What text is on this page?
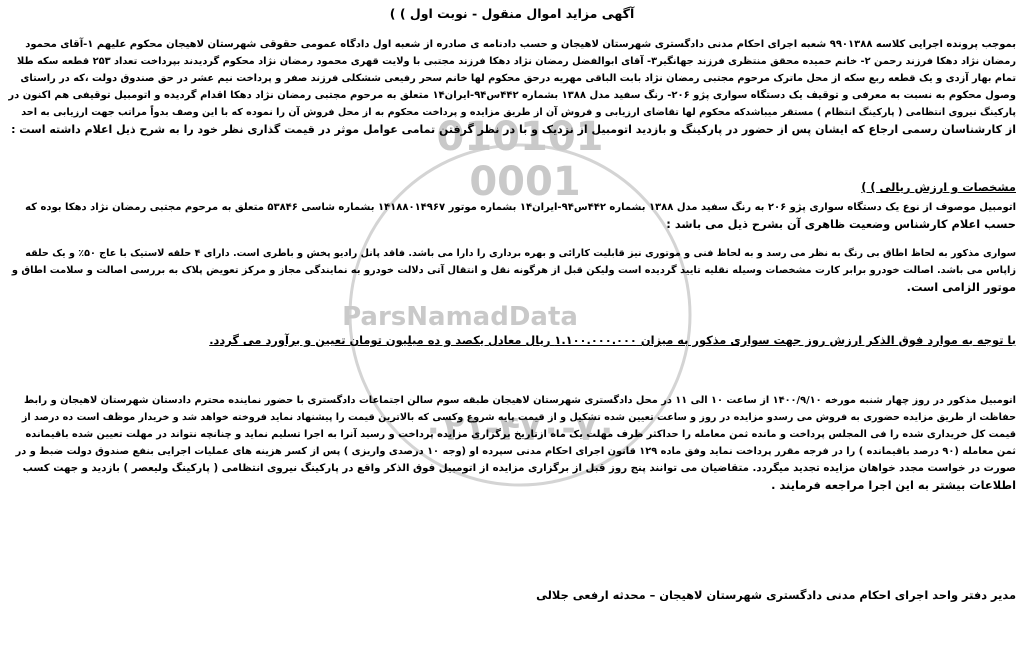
010101
0001
ParsNamadData
۰۲۱-۴۷۰-۷۰
آگهی مزاید اموال منقول - نوبت اول ) )
بموجب پرونده اجرایی کلاسه ۹۹۰۱۳۸۸ شعبه اجرای احکام مدنی دادگستری شهرستان لاهیجان و حسب دادنامه ی صادره از شعبه اول دادگاه عمومی حقوقی شهرستان لاهیجان محکوم علیهم ۱-آقای محمود
رمضان نژاد دهکا فرزند رحمن ۲- خانم حمیده محقق منتظری فرزند جهانگیر۳- آقای ابوالفضل رمضان نژاد دهکا فرزند مجتبی با ولایت قهری محمود رمضان نژاد محکوم گردیدند بپرداخت تعداد ۲۵۳ قطعه سکه طلا
تمام بهار آزدی و یک قطعه ربع سکه از محل ماترک مرحوم مجتبی رمضان نژاد بابت الباقی مهریه درحق محکوم لها خانم سحر رفیعی ششکلی فرزند صفر و پرداخت نیم عشر در حق صندوق دولت ،که در راستای
وصول محکوم به نسبت به معرفی و توقیف یک دستگاه سواری پژو ۲۰۶- رنگ سفید مدل ۱۳۸۸ بشماره ۴۴۲س۹۴-ایران۱۴ متعلق به مرحوم مجتبی رمضان نژاد دهکا اقدام گردیده و اتومبیل توقیفی هم اکنون در
پارکینگ نیروی انتظامی ( پارکینگ انتظام ) مستقر میباشدکه محکوم لها تقاضای ارزیابی و فروش آن از طریق مزایده و پرداخت محکوم به از محل فروش آن را نموده که با این وصف بدواً مراتب جهت ارزیابی به احد
از کارشناسان رسمی ارجاع که ایشان پس از حضور در پارکینگ و بازدید اتومبیل از نزدیک و با در نظر گرفتن تمامی عوامل موثر در قیمت گذاری نظر خود را به شرح ذیل اعلام داشته است :
مشخصات و ارزش ریالی ) )
اتومبیل موصوف از نوع یک دستگاه سواری پژو ۲۰۶ به رنگ سفید مدل ۱۳۸۸ بشماره ۴۴۲س۹۴-ایران۱۴ بشماره موتور ۱۴۱۸۸۰۱۴۹۶۷ بشماره شاسی ۵۳۸۴۶ متعلق به مرحوم مجتبی رمضان نژاد دهکا بوده که
حسب اعلام کارشناس وضعیت ظاهری آن بشرح ذیل می باشد :
سواری مذکور به لحاظ اطاق بی رنگ به نظر می رسد و به لحاظ فنی و موتوری نیز قابلیت کارائی و بهره برداری را دارا می باشد. فاقد پانل رادیو پخش و باطری است. دارای ۴ حلقه لاستیک با عاج ۵۰٪ و یک حلقه
زاپاس می باشد. اصالت خودرو برابر کارت مشخصات وسیله نقلیه تایید گردیده است ولیکن قبل از هرگونه نقل و انتقال آتی دلالت خودرو به نمایندگی مجاز و مرکز تعویض پلاک به بررسی اصالت و سلامت اطاق و
موتور الزامی است.
با توجه به موارد فوق الذکر ارزش روز جهت سواری مذکور به میزان ۱.۱۰۰.۰۰۰.۰۰۰ ریال معادل یکصد و ده میلیون تومان تعیین و برآورد می گردد.
اتومبیل مذکور در روز چهار شنبه مورخه ۱۴۰۰/۹/۱۰ از ساعت ۱۰ الی ۱۱ در محل دادگستری شهرستان لاهیجان طبقه سوم سالن اجتماعات دادگستری با حضور نماینده محترم دادستان شهرستان لاهیجان و رابط
حفاظت از طریق مزایده حضوری به فروش می رسدو مزایده در روز و ساعت تعیین شده تشکیل و از قیمت پایه شروع وکسی که بالاترین قیمت را پیشنهاد نماید فروخته خواهد شد و خریدار موظف است ده درصد از
قیمت کل خریداری شده را فی المجلس پرداخت و مانده ثمن معامله را حداکثر ظرف مهلت یک ماه ازتاریخ برگزاری مزایده پرداخت و رسید آنرا به اجرا تسلیم نماید و چنانچه نتواند در مهلت تعیین شده باقیمانده
ثمن معامله (۹۰ درصد باقیمانده ) را در فرجه مقرر پرداخت نماید وفق ماده ۱۲۹ قانون اجرای احکام مدنی سپرده او (وجه ۱۰ درصدی واریزی ) پس از کسر هزینه های عملیات اجرایی بنفع صندوق دولت ضبط و در
صورت در خواست مجدد خواهان مزایده تجدید میگردد. متقاضیان می توانند پنج روز قبل از برگزاری مزایده از اتومبیل فوق الذکر واقع در پارکینگ نیروی انتظامی ( پارکینگ ولیعصر ) بازدید و جهت کسب
اطلاعات بیشتر به این اجرا مراجعه فرمایند .
مدیر دفتر واحد اجرای احکام مدنی دادگستری شهرستان لاهیجان – محدثه ارفعی جلالی
